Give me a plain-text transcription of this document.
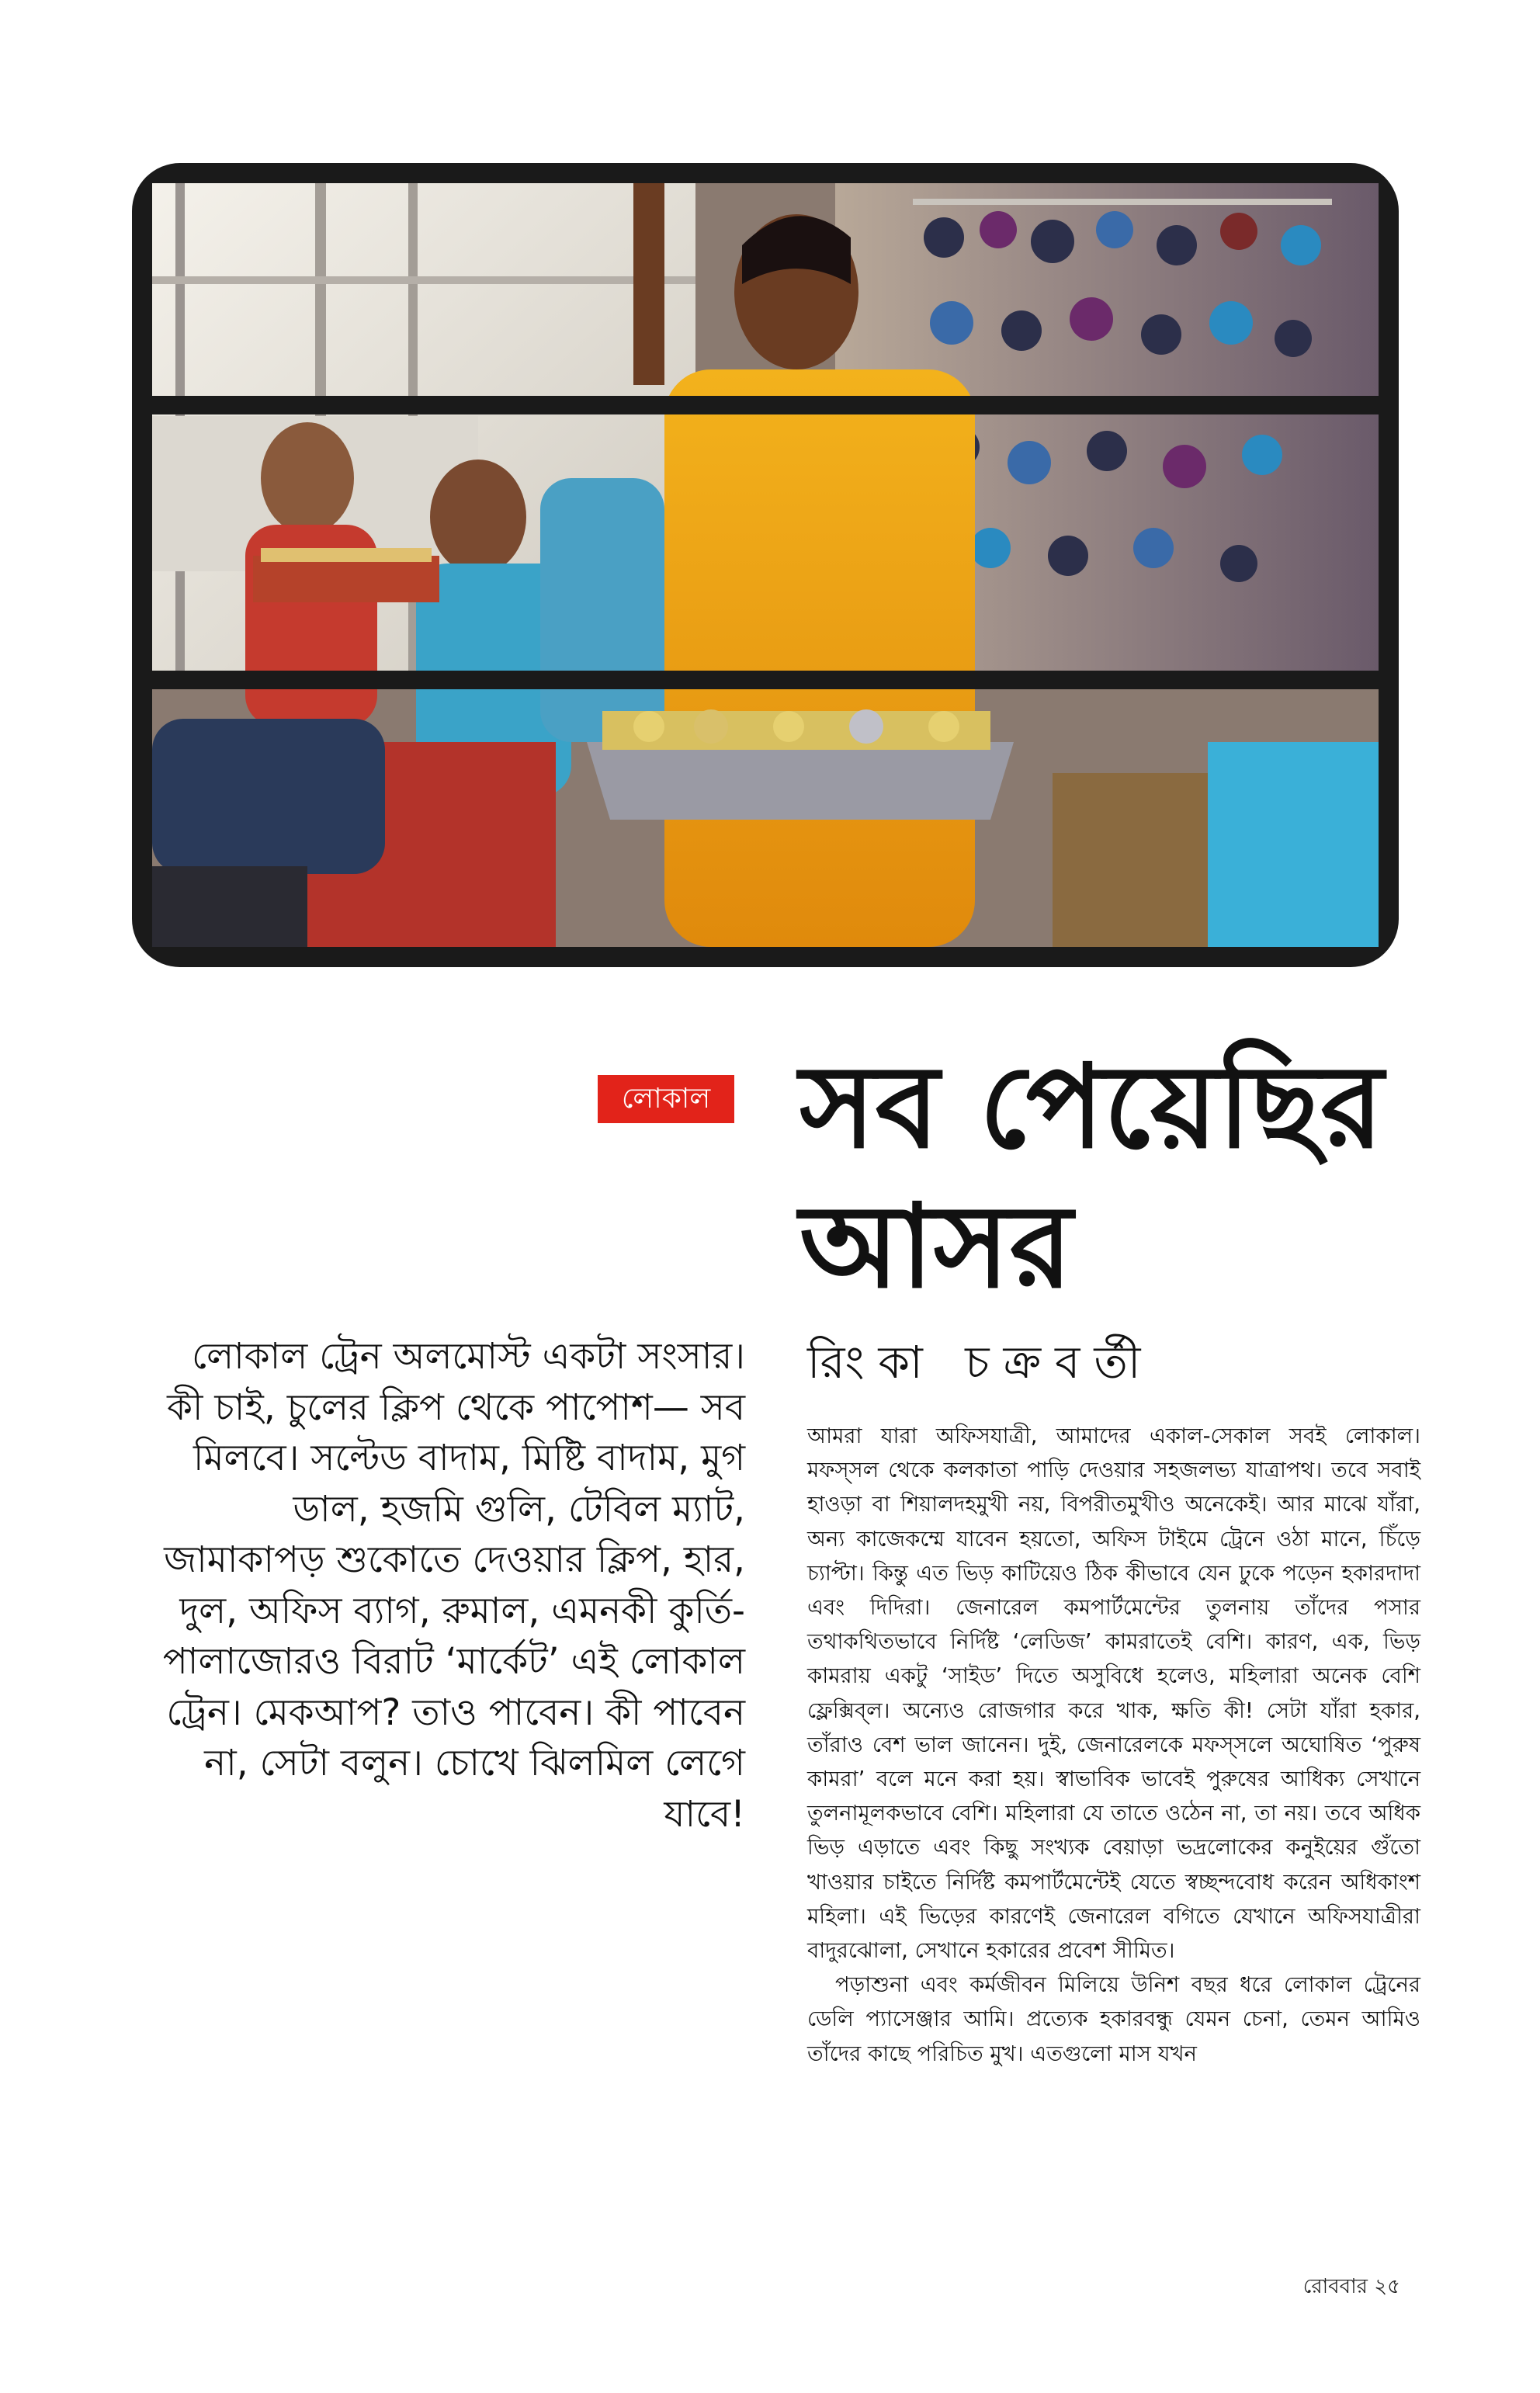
লোকাল সব পেয়েছির আসর

লোকাল ট্রেন অলমোস্ট একটা সংসার। কী চাই, চুলের ক্লিপ থেকে পাপোশ— সব মিলবে। সল্টেড বাদাম, মিষ্টি বাদাম, মুগ ডাল, হজমি গুলি, টেবিল ম্যাট, জামাকাপড় শুকোতে দেওয়ার ক্লিপ, হার, দুল, অফিস ব্যাগ, রুমাল, এমনকী কুর্তি-পালাজোরও বিরাট ‘মার্কেট’ এই লোকাল ট্রেন। মেকআপ? তাও পাবেন। কী পাবেন না, সেটা বলুন। চোখে ঝিলমিল লেগে যাবে!

রিংকা চক্রবর্তী

আমরা যারা অফিসযাত্রী, আমাদের একাল-সেকাল সবই লোকাল। মফস্সল থেকে কলকাতা পাড়ি দেওয়ার সহজলভ্য যাত্রাপথ। তবে সবাই হাওড়া বা শিয়ালদহমুখী নয়, বিপরীতমুখীও অনেকেই। আর মাঝে যাঁরা, অন্য কাজেকম্মে যাবেন হয়তো, অফিস টাইমে ট্রেনে ওঠা মানে, চিঁড়ে চ্যাপ্টা। কিন্তু এত ভিড় কাটিয়েও ঠিক কীভাবে যেন ঢুকে পড়েন হকারদাদা এবং দিদিরা। জেনারেল কমপার্টমেন্টের তুলনায় তাঁদের পসার তথাকথিতভাবে নির্দিষ্ট ‘লেডিজ’ কামরাতেই বেশি। কারণ, এক, ভিড় কামরায় একটু ‘সাইড’ দিতে অসুবিধে হলেও, মহিলারা অনেক বেশি ফ্লেক্সিব্‌ল। অন্যেও রোজগার করে খাক, ক্ষতি কী! সেটা যাঁরা হকার, তাঁরাও বেশ ভাল জানেন। দুই, জেনারেলকে মফস্সলে অঘোষিত ‘পুরুষ কামরা’ বলে মনে করা হয়। স্বাভাবিক ভাবেই পুরুষের আধিক্য সেখানে তুলনামূলকভাবে বেশি। মহিলারা যে তাতে ওঠেন না, তা নয়। তবে অধিক ভিড় এড়াতে এবং কিছু সংখ্যক বেয়াড়া ভদ্রলোকের কনুইয়ের গুঁতো খাওয়ার চাইতে নির্দিষ্ট কমপার্টমেন্টেই যেতে স্বচ্ছন্দবোধ করেন অধিকাংশ মহিলা। এই ভিড়ের কারণেই জেনারেল বগিতে যেখানে অফিসযাত্রীরা বাদুরঝোলা, সেখানে হকারের প্রবেশ সীমিত।

পড়াশুনা এবং কর্মজীবন মিলিয়ে উনিশ বছর ধরে লোকাল ট্রেনের ডেলি প্যাসেঞ্জার আমি। প্রত্যেক হকারবন্ধু যেমন চেনা, তেমন আমিও তাঁদের কাছে পরিচিত মুখ। এতগুলো মাস যখন

রোববার ২৫
